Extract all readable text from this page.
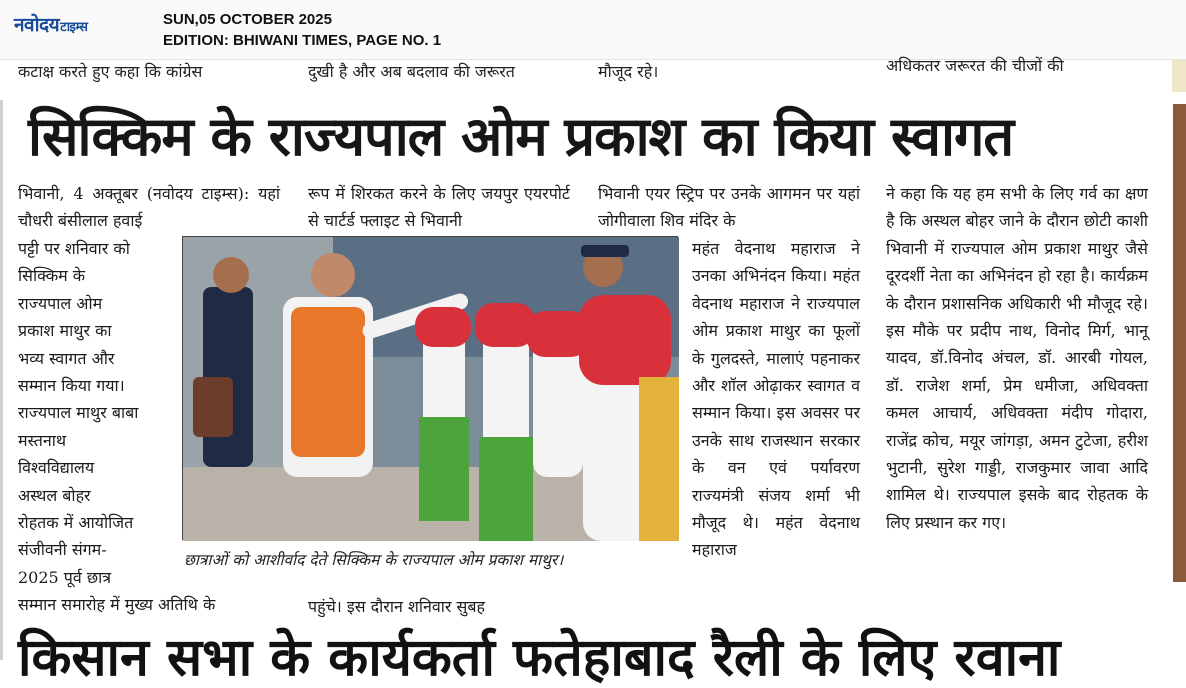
नवोदयटाइम्स	SUN,05 OCTOBER 2025
EDITION: BHIWANI TIMES, PAGE NO. 1
कटाक्ष करते हुए कहा कि कांग्रेस	दुखी है और अब बदलाव की जरूरत	मौजूद रहे।	अधिकतर जरूरत की चीजों की
सिक्किम के राज्यपाल ओम प्रकाश का किया स्वागत
भिवानी, 4 अक्तूबर (नवोदय टाइम्स): यहां चौधरी बंसीलाल हवाई
पट्टी पर शनिवार को
सिक्किम के
राज्यपाल ओम
प्रकाश माथुर का
भव्य स्वागत और
सम्मान किया गया।
राज्यपाल माथुर बाबा
मस्तनाथ
विश्वविद्यालय
अस्थल बोहर
रोहतक में आयोजित
संजीवनी संगम-
2025 पूर्व छात्र
सम्मान समारोह में मुख्य अतिथि के
रूप में शिरकत करने के लिए जयपुर एयरपोर्ट से चार्टर्ड फ्लाइट से भिवानी
पहुंचे। इस दौरान शनिवार सुबह
भिवानी एयर स्ट्रिप पर उनके आगमन पर यहां जोगीवाला शिव मंदिर के
महंत वेदनाथ महाराज ने उनका अभिनंदन किया। महंत वेदनाथ महाराज ने राज्यपाल ओम प्रकाश माथुर का फूलों के गुलदस्ते, मालाएं पहनाकर और शॉल ओढ़ाकर स्वागत व सम्मान किया। इस अवसर पर उनके साथ राजस्थान सरकार के वन एवं पर्यावरण राज्यमंत्री संजय शर्मा भी मौजूद थे। महंत वेदनाथ महाराज
ने कहा कि यह हम सभी के लिए गर्व का क्षण है कि अस्थल बोहर जाने के दौरान छोटी काशी भिवानी में राज्यपाल ओम प्रकाश माथुर जैसे दूरदर्शी नेता का अभिनंदन हो रहा है। कार्यक्रम के दौरान प्रशासनिक अधिकारी भी मौजूद रहे। इस मौके पर प्रदीप नाथ, विनोद मिर्ग, भानू यादव, डॉ.विनोद अंचल, डॉ. आरबी गोयल, डॉ. राजेश शर्मा, प्रेम धमीजा, अधिवक्ता कमल आचार्य, अधिवक्ता मंदीप गोदारा, राजेंद्र कोच, मयूर जांगड़ा, अमन टुटेजा, हरीश भुटानी, सुरेश गाड्डी, राजकुमार जावा आदि शामिल थे। राज्यपाल इसके बाद रोहतक के लिए प्रस्थान कर गए।
छात्राओं को आशीर्वाद देते सिक्किम के राज्यपाल ओम प्रकाश माथुर।
किसान सभा के कार्यकर्ता फतेहाबाद रैली के लिए रवाना
